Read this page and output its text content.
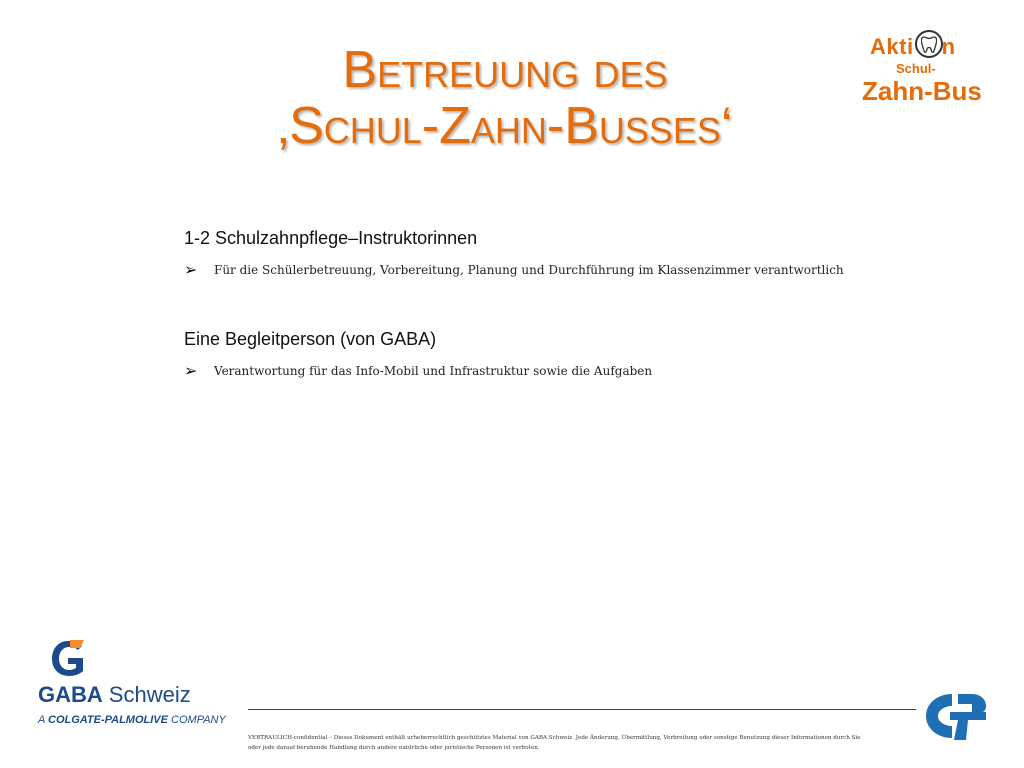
Betreuung des
‚Schul-Zahn-Busses‘
Akti n
Schul-
Zahn-Bus

1-2 Schulzahnpflege–Instruktorinnen

➢	Für die Schülerbetreuung, Vorbereitung, Planung und Durchführung im Klassenzimmer verantwortlich

Eine Begleitperson (von GABA)

➢	Verantwortung für das Info-Mobil und Infrastruktur sowie die Aufgaben
GABA Schweiz
A COLGATE-PALMOLIVE COMPANY
VERTRAULICH-confidential – Dieses Dokument enthält urheberrechtlich geschütztes Material von GABA Schweiz. Jede Änderung, Übermittlung, Verbreitung oder sonstige Benutzung dieser Informationen durch Sie oder jede darauf beruhende Handlung durch andere natürliche oder juristische Personen ist verboten.
